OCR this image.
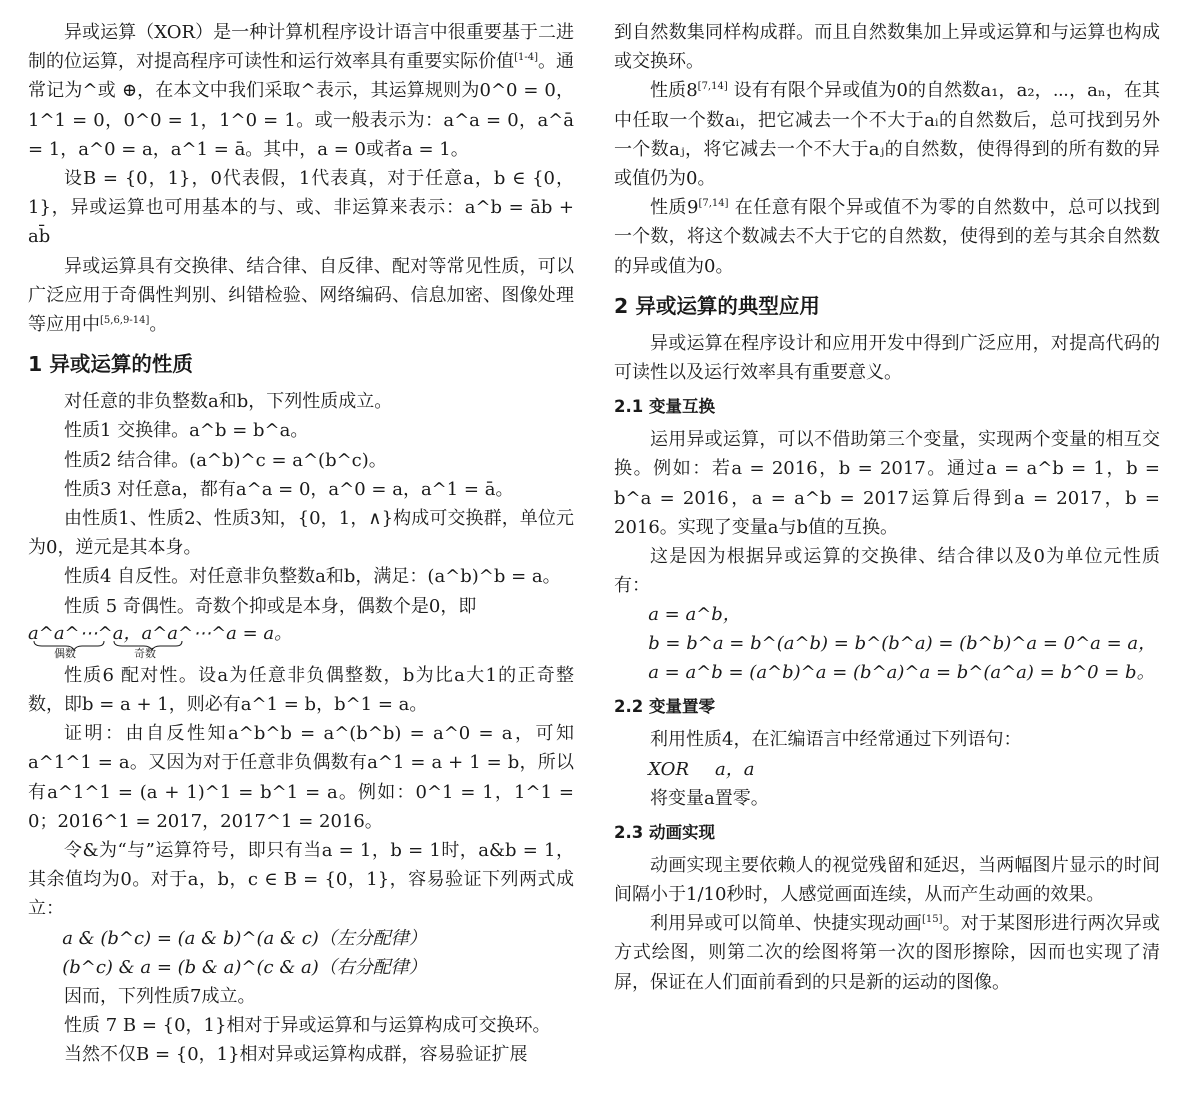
异或运算（XOR）是一种计算机程序设计语言中很重要基于二进制的位运算，对提高程序可读性和运行效率具有重要实际价值[1-4]。通常记为^或 ⊕，在本文中我们采取^表示，其运算规则为0^0 = 0，1^1 = 0，0^0 = 1，1^0 = 1。或一般表示为：a^a = 0，a^ā = 1，a^0 = a，a^1 = ā。其中，a = 0或者a = 1。

设B = {0，1}，0代表假，1代表真，对于任意a，b ∈ {0，1}，异或运算也可用基本的与、或、非运算来表示：a^b = āb + ab̄

异或运算具有交换律、结合律、自反律、配对等常见性质，可以广泛应用于奇偶性判别、纠错检验、网络编码、信息加密、图像处理等应用中[5,6,9-14]。

1 异或运算的性质

对任意的非负整数a和b，下列性质成立。

性质1 交换律。a^b = b^a。

性质2 结合律。(a^b)^c = a^(b^c)。

性质3 对任意a，都有a^a = 0，a^0 = a，a^1 = ā。

由性质1、性质2、性质3知，{0，1，∧}构成可交换群，单位元为0，逆元是其本身。

性质4 自反性。对任意非负整数a和b，满足：(a^b)^b = a。

性质 5 奇偶性。奇数个抑或是本身，偶数个是0，即

a^a^⋯^a，a^a^⋯^a = a。
偶数	奇数

性质6 配对性。设a为任意非负偶整数，b为比a大1的正奇整数，即b = a + 1，则必有a^1 = b，b^1 = a。

证明：由自反性知a^b^b = a^(b^b) = a^0 = a，可知a^1^1 = a。又因为对于任意非负偶数有a^1 = a + 1 = b，所以有a^1^1 = (a + 1)^1 = b^1 = a。例如：0^1 = 1，1^1 = 0；2016^1 = 2017，2017^1 = 2016。

令&为“与”运算符号，即只有当a = 1，b = 1时，a&b = 1，其余值均为0。对于a，b，c ∈ B = {0，1}，容易验证下列两式成立：

a & (b^c) = (a & b)^(a & c)（左分配律）
(b^c) & a = (b & a)^(c & a)（右分配律）

因而，下列性质7成立。

性质 7 B = {0，1}相对于异或运算和与运算构成可交换环。

当然不仅B = {0，1}相对异或运算构成群，容易验证扩展

到自然数集同样构成群。而且自然数集加上异或运算和与运算也构成或交换环。

性质8[7,14] 设有有限个异或值为0的自然数a₁，a₂，⋯，aₙ，在其中任取一个数aᵢ，把它减去一个不大于aᵢ的自然数后，总可找到另外一个数aⱼ，将它减去一个不大于aⱼ的自然数，使得得到的所有数的异或值仍为0。

性质9[7,14] 在任意有限个异或值不为零的自然数中，总可以找到一个数，将这个数减去不大于它的自然数，使得到的差与其余自然数的异或值为0。

2 异或运算的典型应用

异或运算在程序设计和应用开发中得到广泛应用，对提高代码的可读性以及运行效率具有重要意义。

2.1 变量互换

运用异或运算，可以不借助第三个变量，实现两个变量的相互交换。例如：若a = 2016，b = 2017。通过a = a^b = 1，b = b^a = 2016，a = a^b = 2017运算后得到a = 2017，b = 2016。实现了变量a与b值的互换。

这是因为根据异或运算的交换律、结合律以及0为单位元性质有：

a = a^b，
b = b^a = b^(a^b) = b^(b^a) = (b^b)^a = 0^a = a，
a = a^b = (a^b)^a = (b^a)^a = b^(a^a) = b^0 = b。
2.2 变量置零

利用性质4，在汇编语言中经常通过下列语句：

XOR a，a

将变量a置零。

2.3 动画实现

动画实现主要依赖人的视觉残留和延迟，当两幅图片显示的时间间隔小于1/10秒时，人感觉画面连续，从而产生动画的效果。

利用异或可以简单、快捷实现动画[15]。对于某图形进行两次异或方式绘图，则第二次的绘图将第一次的图形擦除，因而也实现了清屏，保证在人们面前看到的只是新的运动的图像。
